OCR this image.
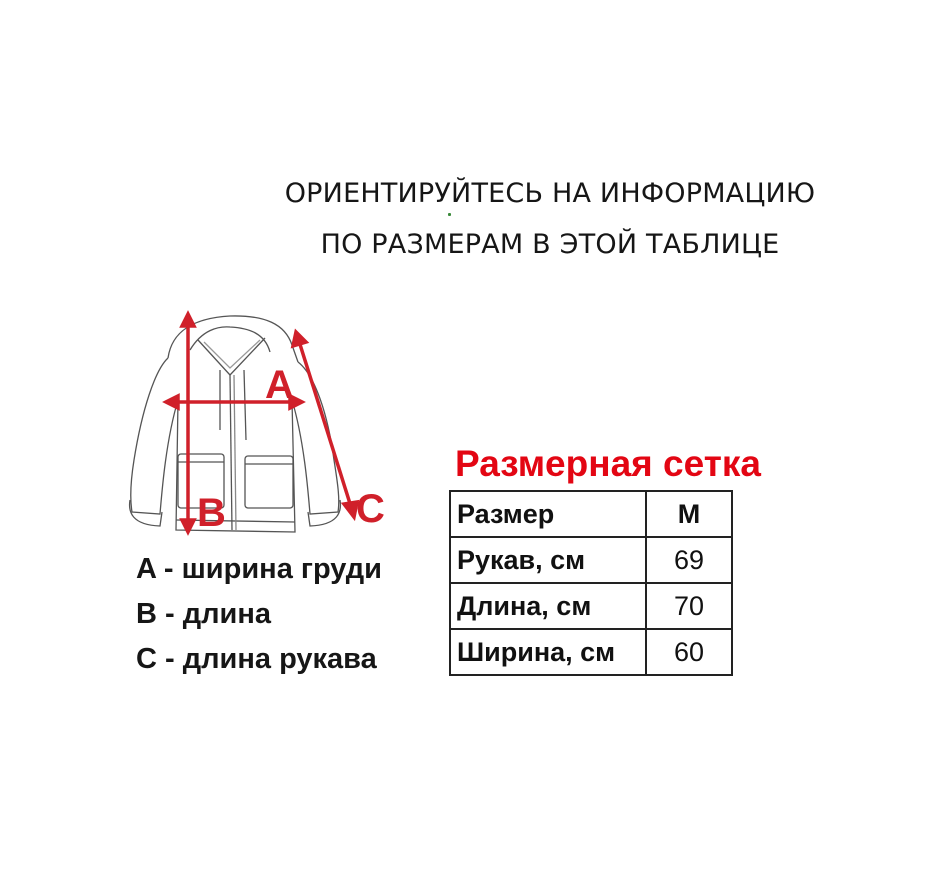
ОРИЕНТИРУЙТЕСЬ НА ИНФОРМАЦИЮ
ПО РАЗМЕРАМ В ЭТОЙ ТАБЛИЦЕ
A
B	C
A - ширина груди
B - длина
C - длина рукава
Размерная сетка
Размер	M
Рукав, см	69
Длина, см	70
Ширина, см	60
